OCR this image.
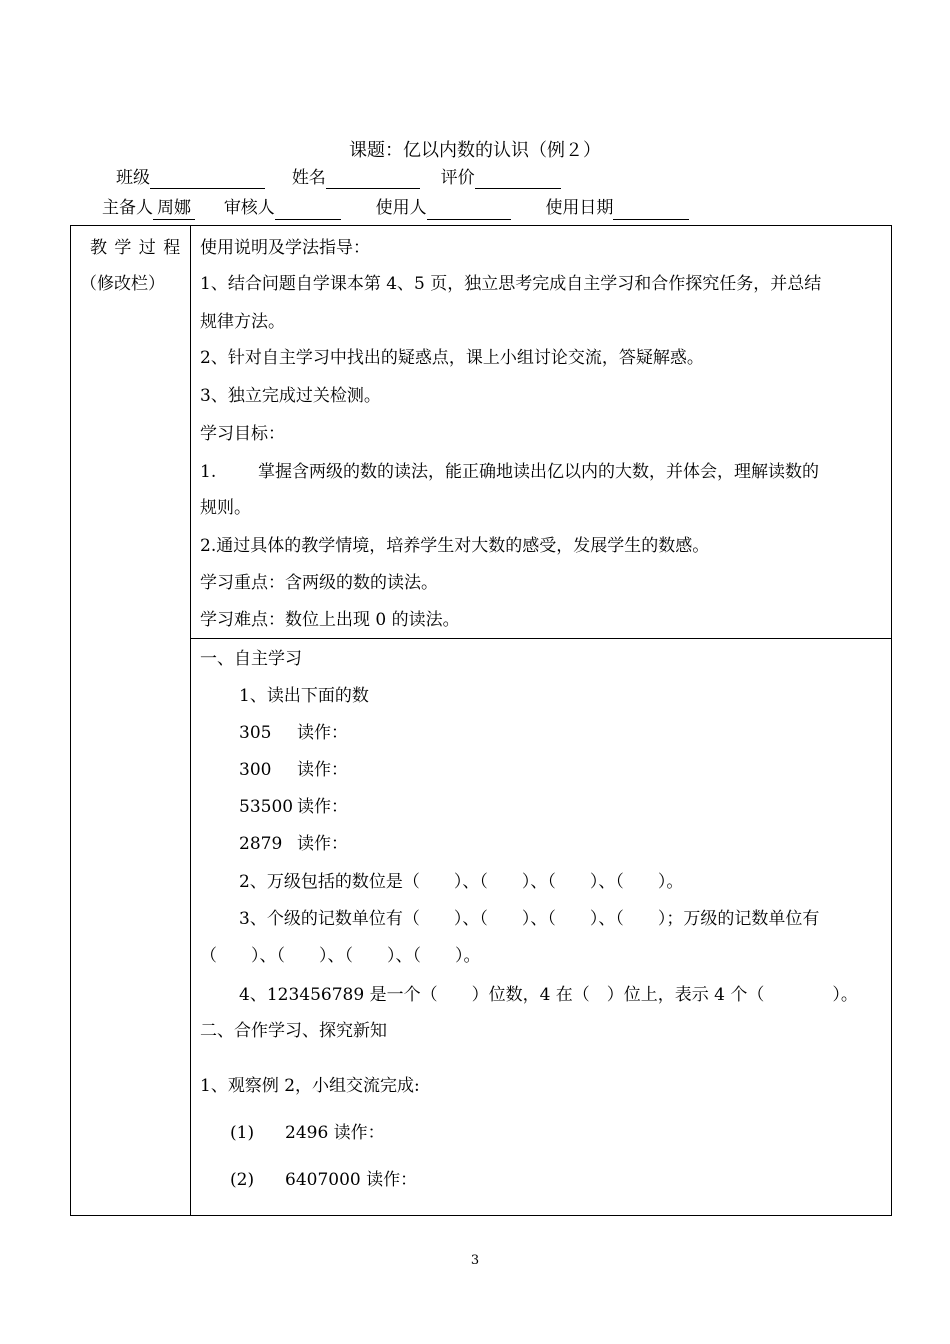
课题：亿以内数的认识（例２）
班级	姓名	评价
主备人 周娜 审核人	使用人	使用日期
教 学 过 程
（修改栏）
使用说明及学法指导：
1、结合问题自学课本第 4、5 页，独立思考完成自主学习和合作探究任务，并总结
规律方法。
2、针对自主学习中找出的疑惑点，课上小组讨论交流，答疑解惑。
3、独立完成过关检测。
学习目标：
1. 掌握含两级的数的读法，能正确地读出亿以内的大数，并体会，理解读数的
规则。
2.通过具体的教学情境，培养学生对大数的感受，发展学生的数感。
学习重点：含两级的数的读法。
学习难点：数位上出现 0 的读法。
一、自主学习
1、读出下面的数
305 读作：
300 读作：
53500 读作：
2879 读作：
2、万级包括的数位是（　　）、（　　）、（　　）、（　　）。
3、个级的记数单位有（　　）、（　　）、（　　）、（　　）；万级的记数单位有
（　　）、（　　）、（　　）、（　　）。
4、123456789 是一个（　　）位数，4 在（　）位上，表示 4 个（　　　　）。
二、合作学习、探究新知
1、观察例 2，小组交流完成:
(1) 2496 读作：
(2) 6407000 读作：
3
